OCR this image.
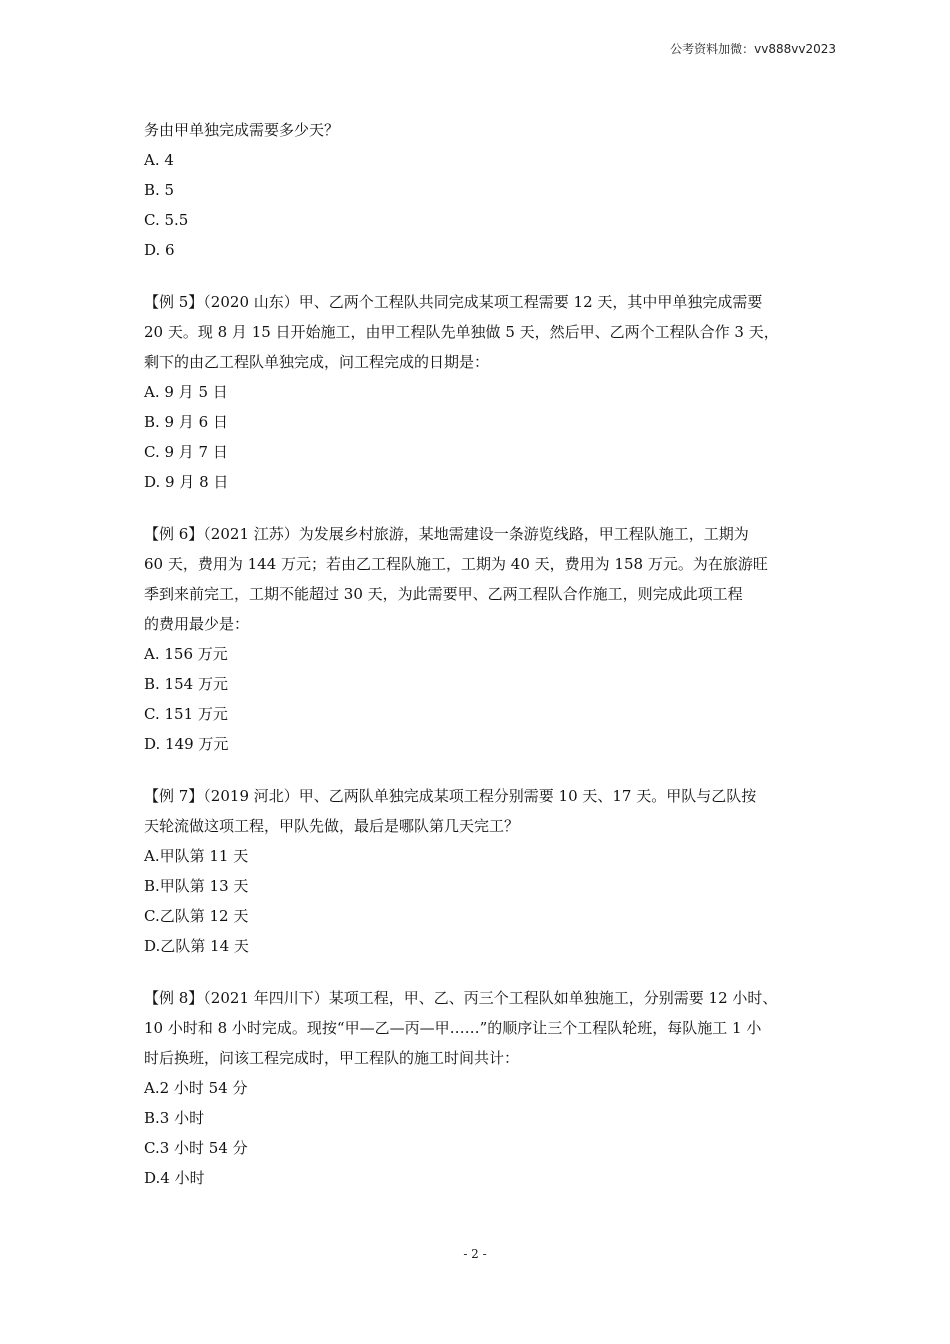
公考资料加微：vv888vv2023
务由甲单独完成需要多少天？
A. 4
B. 5
C. 5.5
D. 6
【例 5】（2020 山东）甲、乙两个工程队共同完成某项工程需要 12 天，其中甲单独完成需要
20 天。现 8 月 15 日开始施工，由甲工程队先单独做 5 天，然后甲、乙两个工程队合作 3 天，
剩下的由乙工程队单独完成，问工程完成的日期是：
A. 9 月 5 日
B. 9 月 6 日
C. 9 月 7 日
D. 9 月 8 日
【例 6】（2021 江苏）为发展乡村旅游，某地需建设一条游览线路，甲工程队施工，工期为
60 天，费用为 144 万元；若由乙工程队施工，工期为 40 天，费用为 158 万元。为在旅游旺
季到来前完工，工期不能超过 30 天，为此需要甲、乙两工程队合作施工，则完成此项工程
的费用最少是：
A. 156 万元
B. 154 万元
C. 151 万元
D. 149 万元
【例 7】（2019 河北）甲、乙两队单独完成某项工程分别需要 10 天、17 天。甲队与乙队按
天轮流做这项工程，甲队先做，最后是哪队第几天完工？
A.甲队第 11 天
B.甲队第 13 天
C.乙队第 12 天
D.乙队第 14 天
【例 8】（2021 年四川下）某项工程，甲、乙、丙三个工程队如单独施工，分别需要 12 小时、
10 小时和 8 小时完成。现按“甲—乙—丙—甲……”的顺序让三个工程队轮班，每队施工 1 小
时后换班，问该工程完成时，甲工程队的施工时间共计：
A.2 小时 54 分
B.3 小时
C.3 小时 54 分
D.4 小时
- 2 -
